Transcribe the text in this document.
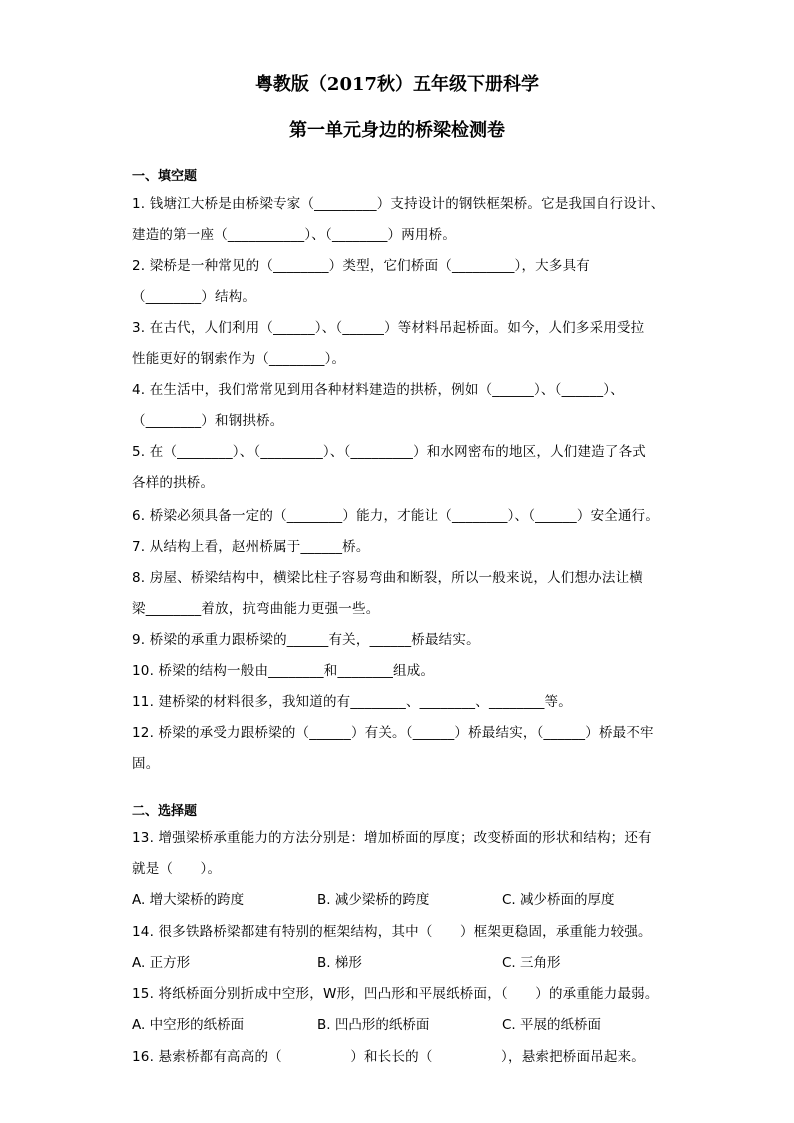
粤教版（2017秋）五年级下册科学
第一单元身边的桥梁检测卷
一、填空题
1. 钱塘江大桥是由桥梁专家（_________）支持设计的钢铁框架桥。它是我国自行设计、
建造的第一座（___________）、（________）两用桥。
2. 梁桥是一种常见的（________）类型，它们桥面（_________），大多具有
（________）结构。
3. 在古代，人们利用（______）、（______）等材料吊起桥面。如今，人们多采用受拉
性能更好的钢索作为（________）。
4. 在生活中，我们常常见到用各种材料建造的拱桥，例如（______）、（______）、
（________）和钢拱桥。
5. 在（________）、（_________）、（_________）和水网密布的地区，人们建造了各式
各样的拱桥。
6. 桥梁必须具备一定的（________）能力，才能让（________）、（______）安全通行。
7. 从结构上看，赵州桥属于______桥。
8. 房屋、桥梁结构中，横梁比柱子容易弯曲和断裂，所以一般来说，人们想办法让横
梁________着放，抗弯曲能力更强一些。
9. 桥梁的承重力跟桥梁的______有关，______桥最结实。
10. 桥梁的结构一般由________和________组成。
11. 建桥梁的材料很多，我知道的有________、________、________等。
12. 桥梁的承受力跟桥梁的（______）有关。（______）桥最结实，（______）桥最不牢
固。
二、选择题
13. 增强梁桥承重能力的方法分别是：增加桥面的厚度；改变桥面的形状和结构；还有
就是（　　）。
A. 增大梁桥的跨度	B. 减少梁桥的跨度	C. 减少桥面的厚度
14. 很多铁路桥梁都建有特别的框架结构，其中（　　）框架更稳固，承重能力较强。
A. 正方形	B. 梯形	C. 三角形
15. 将纸桥面分别折成中空形，W形，凹凸形和平展纸桥面，（　　）的承重能力最弱。
A. 中空形的纸桥面	B. 凹凸形的纸桥面	C. 平展的纸桥面
16. 悬索桥都有高高的（　　　　　）和长长的（　　　　　），悬索把桥面吊起来。
